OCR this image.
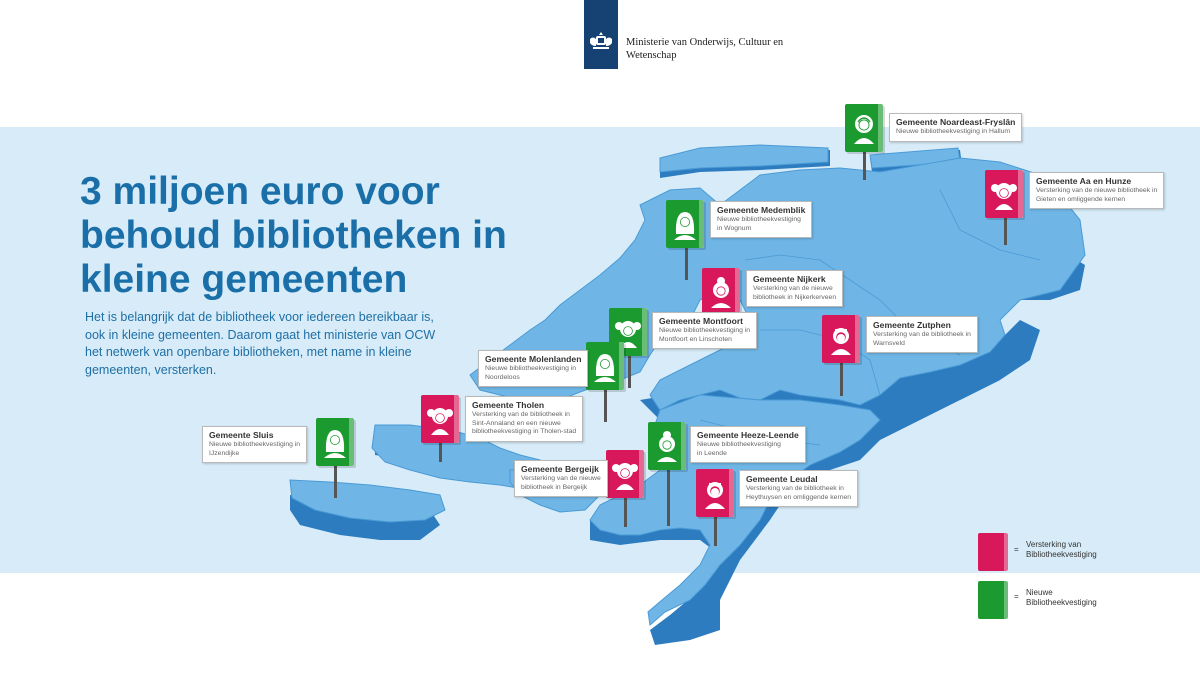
Ministerie van Onderwijs, Cultuur en
Wetenschap
3 miljoen euro voor
behoud bibliotheken in
kleine gemeenten
Het is belangrijk dat de bibliotheek voor iedereen bereikbaar is, ook in kleine gemeenten. Daarom gaat het ministerie van OCW het netwerk van openbare bibliotheken, met name in kleine gemeenten, versterken.
Gemeente Noardeast-Fryslân
Nieuwe bibliotheekvestiging in Hallum
Gemeente Aa en Hunze
Versterking van de nieuwe bibliotheek in
Gieten en omliggende kernen
Gemeente Medemblik
Nieuwe bibliotheekvestiging
in Wognum
Gemeente Nijkerk
Versterking van de nieuwe
bibliotheek in Nijkerkerveen
Gemeente Montfoort
Nieuwe bibliotheekvestiging in
Montfoort en Linschoten
Gemeente Zutphen
Versterking van de bibliotheek in
Warnsveld
Gemeente Molenlanden
Nieuwe bibliotheekvestiging in
Noordeloos
Gemeente Tholen
Versterking van de bibliotheek in
Sint-Annaland en een nieuwe
bibliotheekvestiging in Tholen-stad
Gemeente Sluis
Nieuwe bibliotheekvestiging in
IJzendijke
Gemeente Heeze-Leende
Nieuwe bibliotheekvestiging
in Leende
Gemeente Bergeijk
Versterking van de nieuwe
bibliotheek in Bergeijk
Gemeente Leudal
Versterking van de bibliotheek in
Heythuysen en omliggende kernen
=
Versterking van
Bibliotheekvestiging
= Nieuwe
Bibliotheekvestiging
